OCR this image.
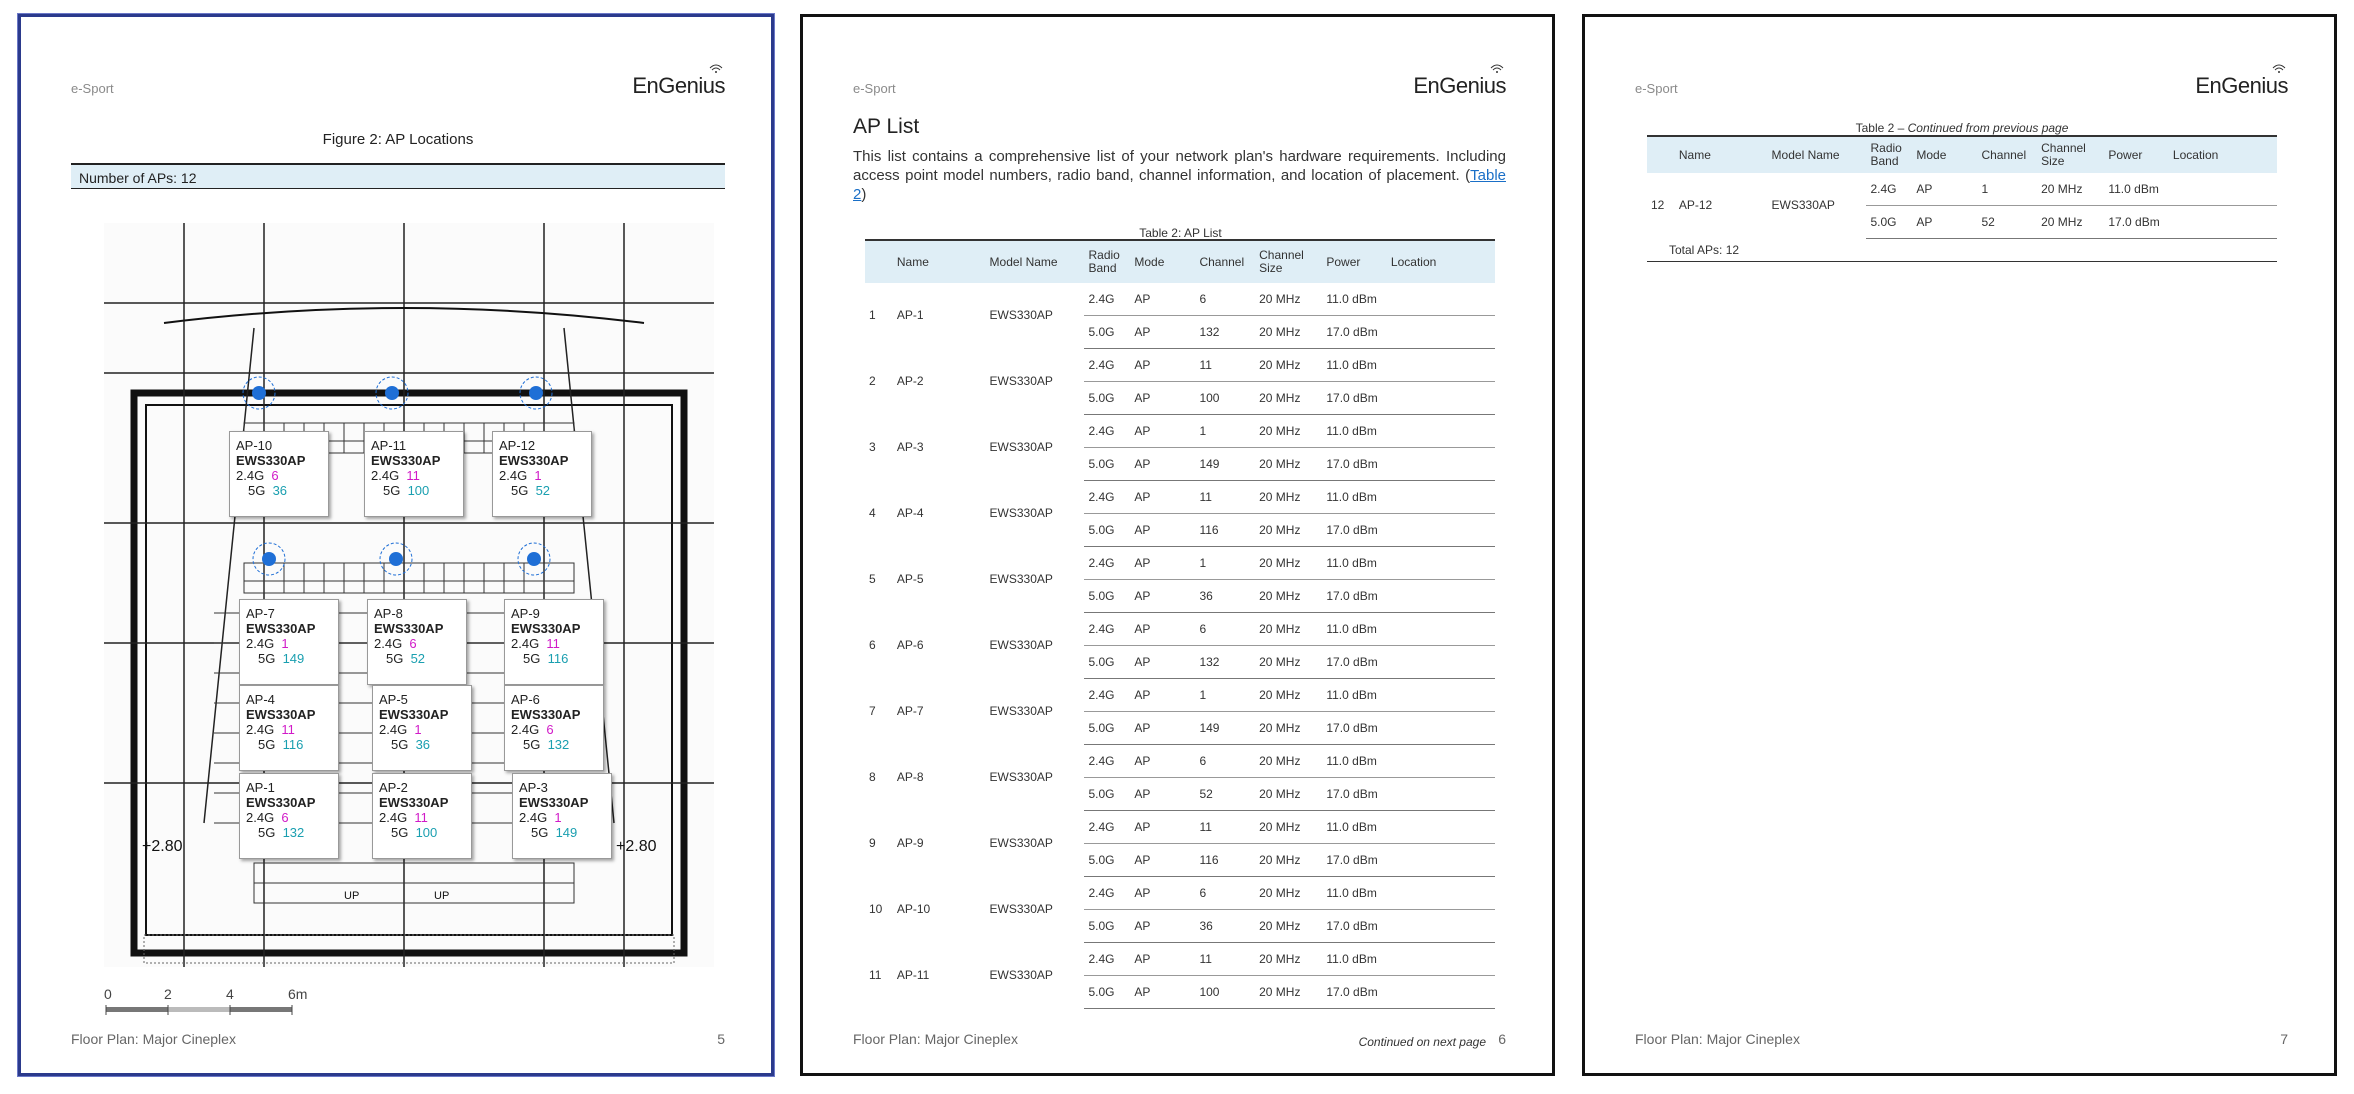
e-Sport	EnGenius
Figure 2: AP Locations
Number of APs: 12
UP	UP
+2.80	+2.80
AP-10
EWS330AP
2.4G 6
5G 36
AP-11
EWS330AP
2.4G 11
5G 100
AP-12
EWS330AP
2.4G 1
5G 52
AP-7
EWS330AP
2.4G 1
5G 149
AP-8
EWS330AP
2.4G 6
5G 52
AP-9
EWS330AP
2.4G 11
5G 116
AP-4
EWS330AP
2.4G 11
5G 116
AP-5
EWS330AP
2.4G 1
5G 36
AP-6
EWS330AP
2.4G 6
5G 132
AP-1
EWS330AP
2.4G 6
5G 132
AP-2
EWS330AP
2.4G 11
5G 100
AP-3
EWS330AP
2.4G 1
5G 149
0	2	4	6m
Floor Plan: Major Cineplex	5
e-Sport	EnGenius
AP List
This list contains a comprehensive list of your network plan's hardware requirements. Including access point model numbers, radio band, channel information, and location of placement. (Table 2)
Table 2: AP List
	Name	Model Name	Radio Band	Mode	Channel	Channel Size	Power	Location
1	AP-1	EWS330AP	2.4G	AP	6	20 MHz	11.0 dBm	
			5.0G	AP	132	20 MHz	17.0 dBm	
2	AP-2	EWS330AP	2.4G	AP	11	20 MHz	11.0 dBm	
			5.0G	AP	100	20 MHz	17.0 dBm	
3	AP-3	EWS330AP	2.4G	AP	1	20 MHz	11.0 dBm	
			5.0G	AP	149	20 MHz	17.0 dBm	
4	AP-4	EWS330AP	2.4G	AP	11	20 MHz	11.0 dBm	
			5.0G	AP	116	20 MHz	17.0 dBm	
5	AP-5	EWS330AP	2.4G	AP	1	20 MHz	11.0 dBm	
			5.0G	AP	36	20 MHz	17.0 dBm	
6	AP-6	EWS330AP	2.4G	AP	6	20 MHz	11.0 dBm	
			5.0G	AP	132	20 MHz	17.0 dBm	
7	AP-7	EWS330AP	2.4G	AP	1	20 MHz	11.0 dBm	
			5.0G	AP	149	20 MHz	17.0 dBm	
8	AP-8	EWS330AP	2.4G	AP	6	20 MHz	11.0 dBm	
			5.0G	AP	52	20 MHz	17.0 dBm	
9	AP-9	EWS330AP	2.4G	AP	11	20 MHz	11.0 dBm	
			5.0G	AP	116	20 MHz	17.0 dBm	
10	AP-10	EWS330AP	2.4G	AP	6	20 MHz	11.0 dBm	
			5.0G	AP	36	20 MHz	17.0 dBm	
11	AP-11	EWS330AP	2.4G	AP	11	20 MHz	11.0 dBm	
			5.0G	AP	100	20 MHz	17.0 dBm	
Continued on next page
Floor Plan: Major Cineplex	6
e-Sport	EnGenius
Table 2 – Continued from previous page
	Name	Model Name	Radio Band	Mode	Channel	Channel Size	Power	Location
12	AP-12	EWS330AP	2.4G	AP	1	20 MHz	11.0 dBm	
			5.0G	AP	52	20 MHz	17.0 dBm	
Total APs: 12								
Floor Plan: Major Cineplex	7
